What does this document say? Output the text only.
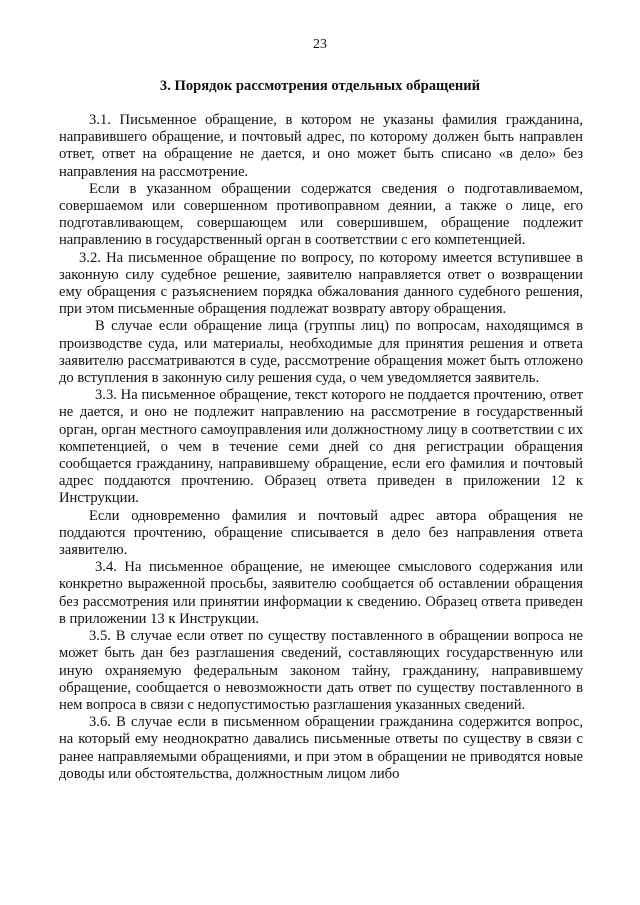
23
3. Порядок рассмотрения отдельных обращений

3.1. Письменное обращение, в котором не указаны фамилия гражданина, направившего обращение, и почтовый адрес, по которому должен быть направлен ответ, ответ на обращение не дается, и оно может быть списано «в дело» без направления на рассмотрение.

Если в указанном обращении содержатся сведения о подготавливаемом, совершаемом или совершенном противоправном деянии, а также о лице, его подготавливающем, совершающем или совершившем, обращение подлежит направлению в государственный орган в соответствии с его компетенцией.

3.2. На письменное обращение по вопросу, по которому имеется вступившее в законную силу судебное решение, заявителю направляется ответ о возвращении ему обращения с разъяснением порядка обжалования данного судебного решения, при этом письменные обращения подлежат возврату автору обращения.

В случае если обращение лица (группы лиц) по вопросам, находящимся в производстве суда, или материалы, необходимые для принятия решения и ответа заявителю рассматриваются в суде, рассмотрение обращения может быть отложено до вступления в законную силу решения суда, о чем уведомляется заявитель.

3.3. На письменное обращение, текст которого не поддается прочтению, ответ не дается, и оно не подлежит направлению на рассмотрение в государственный орган, орган местного самоуправления или должностному лицу в соответствии с их компетенцией, о чем в течение семи дней со дня регистрации обращения сообщается гражданину, направившему обращение, если его фамилия и почтовый адрес поддаются прочтению. Образец ответа приведен в приложении 12 к Инструкции.

Если одновременно фамилия и почтовый адрес автора обращения не поддаются прочтению, обращение списывается в дело без направления ответа заявителю.

3.4. На письменное обращение, не имеющее смыслового содержания или конкретно выраженной просьбы, заявителю сообщается об оставлении обращения без рассмотрения или принятии информации к сведению. Образец ответа приведен в приложении 13 к Инструкции.

3.5. В случае если ответ по существу поставленного в обращении вопроса не может быть дан без разглашения сведений, составляющих государственную или иную охраняемую федеральным законом тайну, гражданину, направившему обращение, сообщается о невозможности дать ответ по существу поставленного в нем вопроса в связи с недопустимостью разглашения указанных сведений.

3.6. В случае если в письменном обращении гражданина содержится вопрос, на который ему неоднократно давались письменные ответы по существу в связи с ранее направляемыми обращениями, и при этом в обращении не приводятся новые доводы или обстоятельства, должностным лицом либо
